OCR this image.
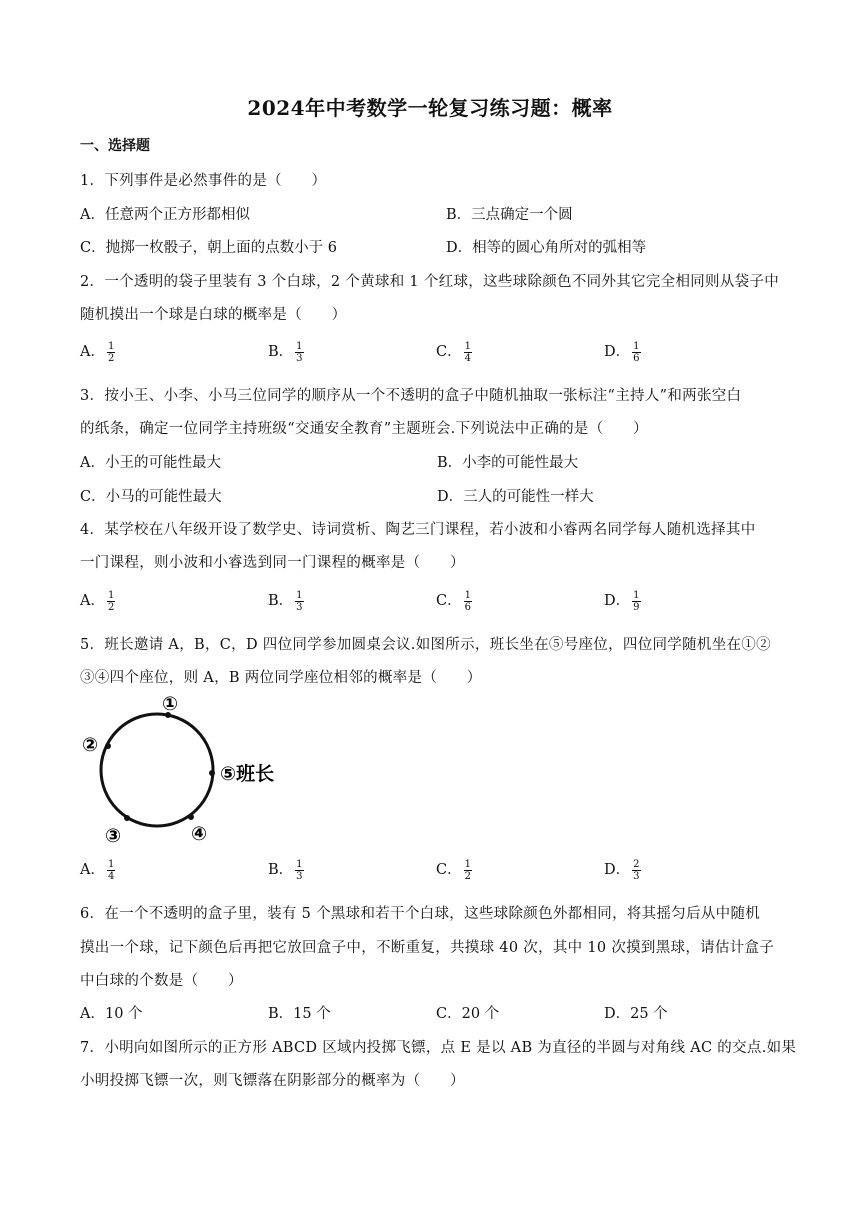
2024年中考数学一轮复习练习题：概率
一、选择题
1．下列事件是必然事件的是（　　）
A．任意两个正方形都相似	B．三点确定一个圆
C．抛掷一枚骰子，朝上面的点数小于 6	D．相等的圆心角所对的弧相等
2．一个透明的袋子里装有 3 个白球，2 个黄球和 1 个红球，这些球除颜色不同外其它完全相同则从袋子中
随机摸出一个球是白球的概率是（　　）
A． $\frac{1}{2}$	B． $\frac{1}{3}$	C． $\frac{1}{4}$	D． $\frac{1}{6}$
3．按小王、小李、小马三位同学的顺序从一个不透明的盒子中随机抽取一张标注“主持人”和两张空白
的纸条，确定一位同学主持班级“交通安全教育”主题班会.下列说法中正确的是（　　）
A．小王的可能性最大	B．小李的可能性最大
C．小马的可能性最大	D．三人的可能性一样大
4．某学校在八年级开设了数学史、诗词赏析、陶艺三门课程，若小波和小睿两名同学每人随机选择其中
一门课程，则小波和小睿选到同一门课程的概率是（　　）
A． $\frac{1}{2}$	B． $\frac{1}{3}$	C． $\frac{1}{6}$	D． $\frac{1}{9}$
5．班长邀请 A，B，C，D 四位同学参加圆桌会议.如图所示，班长坐在⑤号座位，四位同学随机坐在①②
③④四个座位，则 A，B 两位同学座位相邻的概率是（　　）
①
②
③	④
⑤班长
A． $\frac{1}{4}$	B． $\frac{1}{3}$	C． $\frac{1}{2}$	D． $\frac{2}{3}$
6．在一个不透明的盒子里，装有 5 个黑球和若干个白球，这些球除颜色外都相同，将其摇匀后从中随机
摸出一个球，记下颜色后再把它放回盒子中，不断重复，共摸球 40 次，其中 10 次摸到黑球，请估计盒子
中白球的个数是（　　）
A．10 个	B．15 个	C．20 个	D．25 个
7．小明向如图所示的正方形 ABCD 区域内投掷飞镖，点 E 是以 AB 为直径的半圆与对角线 AC 的交点.如果
小明投掷飞镖一次，则飞镖落在阴影部分的概率为（　　）
